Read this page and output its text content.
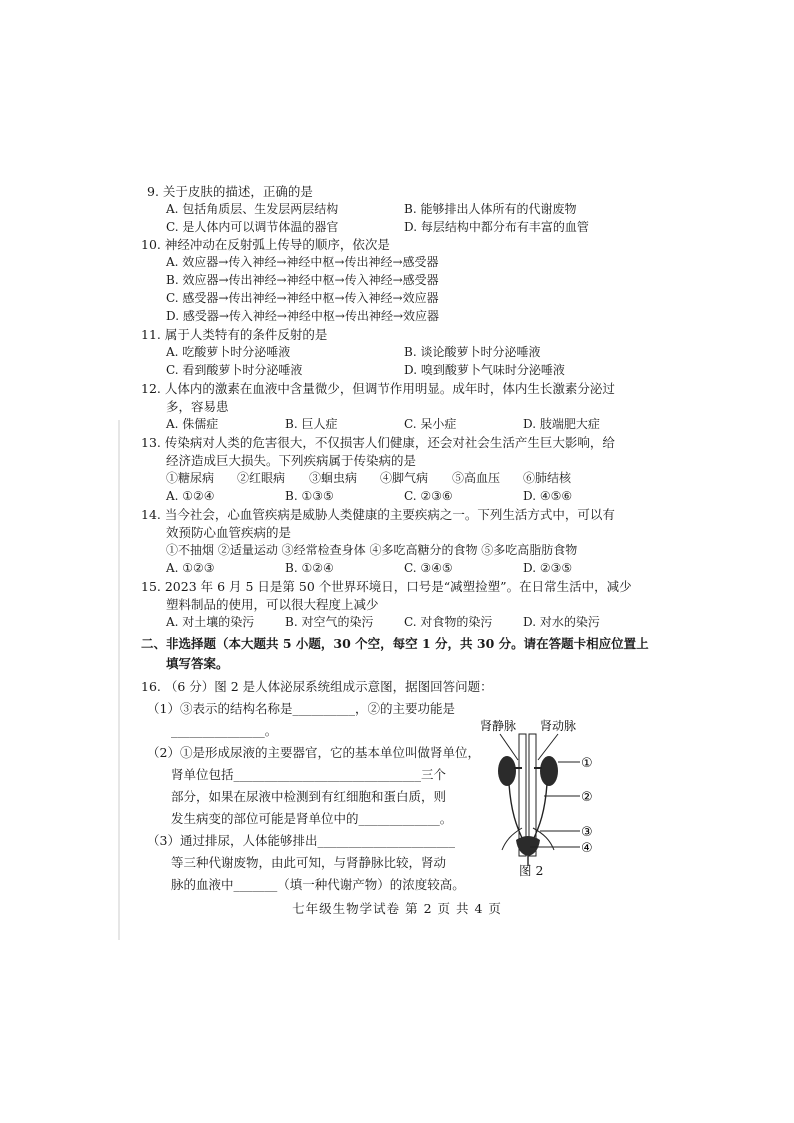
9. 关于皮肤的描述，正确的是
A. 包括角质层、生发层两层结构	B. 能够排出人体所有的代谢废物
C. 是人体内可以调节体温的器官	D. 每层结构中都分布有丰富的血管
10. 神经冲动在反射弧上传导的顺序，依次是
A. 效应器→传入神经→神经中枢→传出神经→感受器
B. 效应器→传出神经→神经中枢→传入神经→感受器
C. 感受器→传出神经→神经中枢→传入神经→效应器
D. 感受器→传入神经→神经中枢→传出神经→效应器
11. 属于人类特有的条件反射的是
A. 吃酸萝卜时分泌唾液	B. 谈论酸萝卜时分泌唾液
C. 看到酸萝卜时分泌唾液	D. 嗅到酸萝卜气味时分泌唾液
12. 人体内的激素在血液中含量微少，但调节作用明显。成年时，体内生长激素分泌过
多，容易患
A. 侏儒症	B. 巨人症	C. 呆小症	D. 肢端肥大症
13. 传染病对人类的危害很大，不仅损害人们健康，还会对社会生活产生巨大影响，给
经济造成巨大损失。下列疾病属于传染病的是
①糖尿病 ②红眼病 ③蛔虫病 ④脚气病 ⑤高血压 ⑥肺结核
A. ①②④	B. ①③⑤	C. ②③⑥	D. ④⑤⑥
14. 当今社会，心血管疾病是威胁人类健康的主要疾病之一。下列生活方式中，可以有
效预防心血管疾病的是
①不抽烟 ②适量运动 ③经常检查身体 ④多吃高糖分的食物 ⑤多吃高脂肪食物
A. ①②③	B. ①②④	C. ③④⑤	D. ②③⑤
15. 2023 年 6 月 5 日是第 50 个世界环境日，口号是“减塑捡塑”。在日常生活中，减少
塑料制品的使用，可以很大程度上减少
A. 对土壤的染污	B. 对空气的染污	C. 对食物的染污	D. 对水的染污
二、非选择题（本大题共 5 小题，30 个空，每空 1 分，共 30 分。请在答题卡相应位置上
填写答案。
16. （6 分）图 2 是人体泌尿系统组成示意图，据图回答问题：
（1）③表示的结构名称是__________，②的主要功能是
_______________。
（2）①是形成尿液的主要器官，它的基本单位叫做肾单位，
肾单位包括______________________________三个
部分，如果在尿液中检测到有红细胞和蛋白质，则
发生病变的部位可能是肾单位中的_____________。
（3）通过排尿，人体能够排出______________________
等三种代谢废物，由此可知，与肾静脉比较，肾动
脉的血液中_______（填一种代谢产物）的浓度较高。
肾静脉 肾动脉
①
②
③
④
图 2
七年级生物学试卷 第 2 页 共 4 页
